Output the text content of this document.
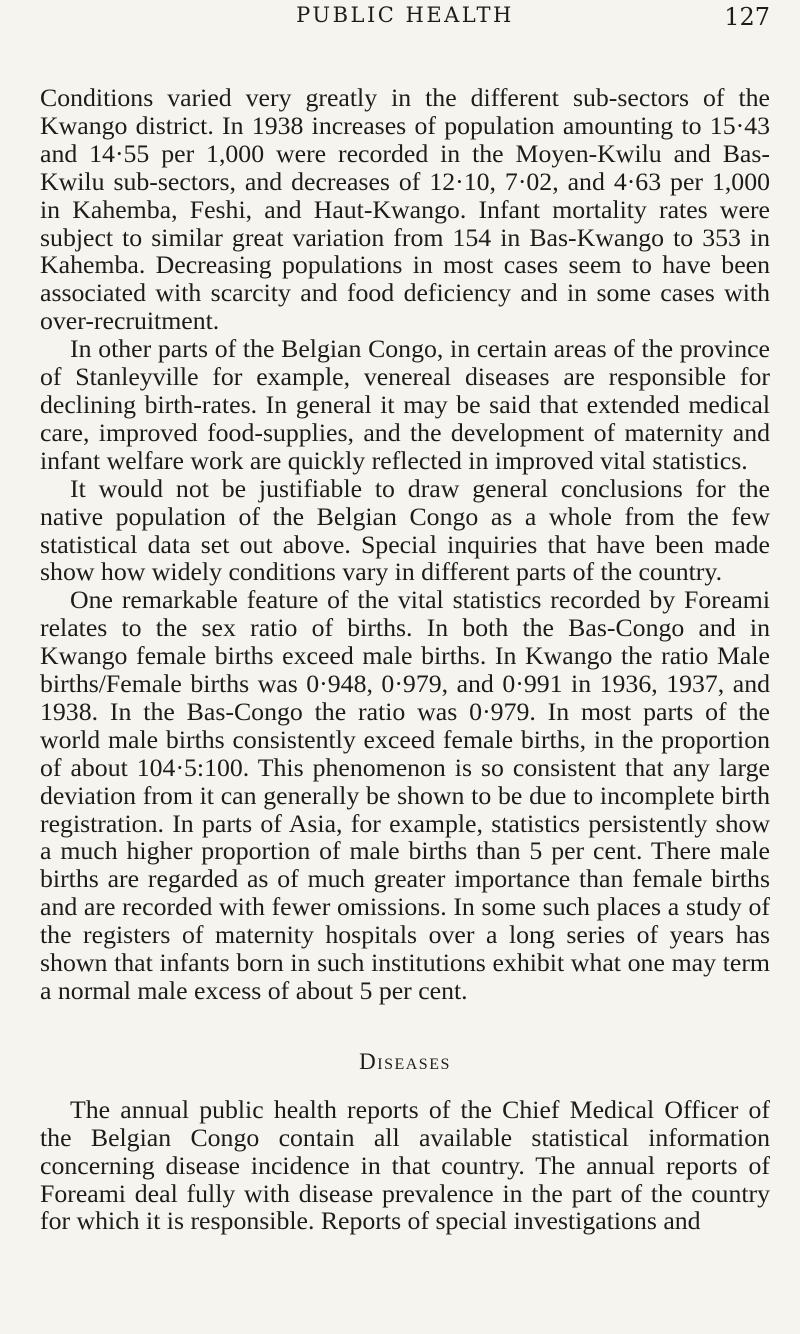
PUBLIC HEALTH	127

Conditions varied very greatly in the different sub-sectors of the Kwango district. In 1938 increases of population amounting to 15·43 and 14·55 per 1,000 were recorded in the Moyen-Kwilu and Bas-Kwilu sub-sectors, and decreases of 12·10, 7·02, and 4·63 per 1,000 in Kahemba, Feshi, and Haut-Kwango. Infant mortality rates were subject to similar great variation from 154 in Bas-Kwango to 353 in Kahemba. Decreasing populations in most cases seem to have been associated with scarcity and food deficiency and in some cases with over-recruitment.

In other parts of the Belgian Congo, in certain areas of the province of Stanleyville for example, venereal diseases are responsible for declining birth-rates. In general it may be said that extended medical care, improved food-supplies, and the development of maternity and infant welfare work are quickly reflected in improved vital statistics.

It would not be justifiable to draw general conclusions for the native population of the Belgian Congo as a whole from the few statistical data set out above. Special inquiries that have been made show how widely conditions vary in different parts of the country.

One remarkable feature of the vital statistics recorded by Foreami relates to the sex ratio of births. In both the Bas-Congo and in Kwango female births exceed male births. In Kwango the ratio Male births/Female births was 0·948, 0·979, and 0·991 in 1936, 1937, and 1938. In the Bas-Congo the ratio was 0·979. In most parts of the world male births consistently exceed female births, in the proportion of about 104·5:100. This phenomenon is so consistent that any large deviation from it can generally be shown to be due to incomplete birth registration. In parts of Asia, for example, statistics persistently show a much higher proportion of male births than 5 per cent. There male births are regarded as of much greater importance than female births and are recorded with fewer omissions. In some such places a study of the registers of maternity hospitals over a long series of years has shown that infants born in such institutions exhibit what one may term a normal male excess of about 5 per cent.

Diseases

The annual public health reports of the Chief Medical Officer of the Belgian Congo contain all available statistical information concerning disease incidence in that country. The annual reports of Foreami deal fully with disease prevalence in the part of the country for which it is responsible. Reports of special investigations and
